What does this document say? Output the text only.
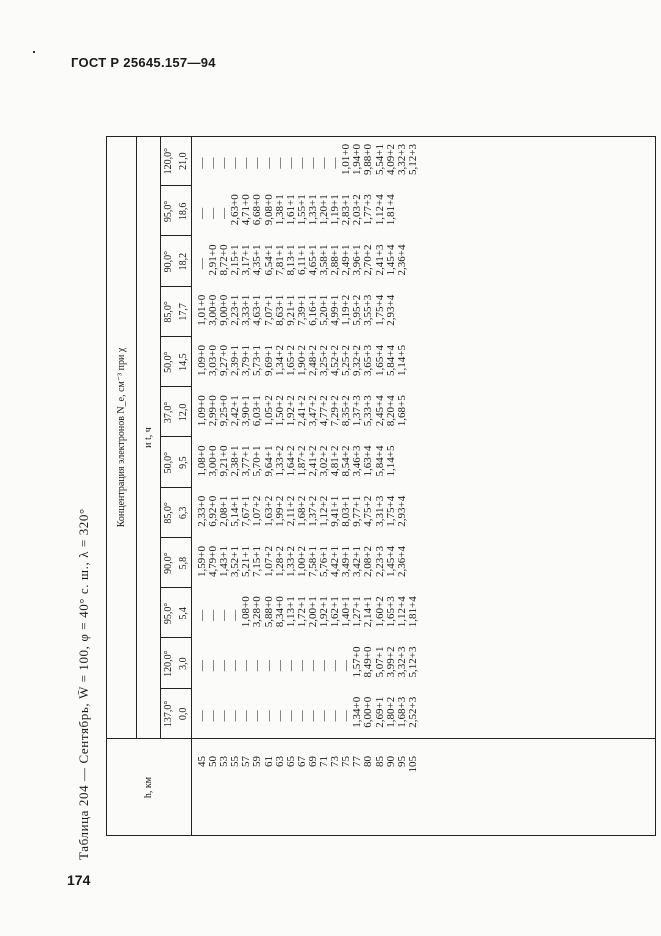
ГОСТ Р 25645.157—94
174
Таблица 204 — Сентябрь, W̄ = 100, φ = 40° с. ш., λ = 320°	h, км
Концентрация электронов N_e, см⁻³ при χ	и t, ч
137,0° 0,0
120,0° 3,0
95,0° 5,4
90,0° 5,8
85,0° 6,3
50,0° 9,5
37,0° 12,0
50,0° 14,5
85,0° 17,7
90,0° 18,2
95,0° 18,6
120,0° 21,0
45 50 53 55 57 59 61 63 65 67 69 71 73 75 77 80 85 90 95 105
— — — — — — — — — — — — — — 1,34+0 6,00+0 2,69+1 1,80+2 1,68+3 2,52+3
— — — — — — — — — — — — — — 1,57+0 8,49+0 5,07+1 3,99+2 3,32+3 5,12+3
— — — — 1,08+0 3,28+0 5,88+0 8,34+0 1,13+1 1,72+1 2,00+1 1,92+1 1,62+1 1,40+1 1,27+1 2,14+1 1,60+2 1,65+3 1,12+4 1,81+4
1,59+0 4,79+0 1,43+1 3,52+1 5,21+1 7,15+1 1,07+2 1,28+2 1,33+2 1,00+2 7,58+1 5,76+1 4,42+1 3,49+1 3,42+1 2,08+2 2,23+3 1,45+4 2,36+4
2,33+0 6,92+0 2,08+1 5,14+1 7,67+1 1,07+2 1,63+2 1,99+2 2,11+2 1,68+2 1,37+2 1,12+2 9,41+1 8,03+1 9,77+1 4,75+2 3,31+3 1,75+4 2,93+4
1,08+0 3,00+0 9,21+0 2,38+1 3,77+1 5,70+1 9,64+1 1,33+2 1,64+2 1,87+2 2,41+2 3,02+2 4,81+2 8,54+2 3,46+3 1,63+4 5,84+4 1,14+5
1,09+0 2,99+0 9,25+0 2,42+1 3,90+1 6,03+1 1,05+2 1,50+2 1,92+2 2,41+2 3,47+2 4,77+2 7,29+2 8,35+2 1,37+3 5,33+3 2,45+4 8,20+4 1,68+5
1,09+0 3,03+0 9,27+0 2,39+1 3,79+1 5,73+1 9,69+1 1,34+2 1,65+2 1,90+2 2,48+2 3,25+2 4,52+2 5,25+2 9,32+2 3,65+3 1,65+4 5,84+4 1,14+5
1,01+0 3,00+0 9,00+0 2,23+1 3,33+1 4,63+1 7,07+1 8,63+1 9,21+1 7,39+1 6,16+1 5,20+1 4,99+1 1,19+2 5,95+2 3,55+3 1,75+4 2,93+4
— 2,91+0 8,72+0 2,15+1 3,17+1 4,35+1 6,54+1 7,81+1 8,13+1 6,11+1 4,65+1 3,58+1 2,88+1 2,49+1 3,96+1 2,70+2 2,41+3 1,45+4 2,36+4
— — — 2,63+0 4,71+0 6,68+0 9,08+0 1,38+1 1,61+1 1,55+1 1,33+1 1,20+1 1,19+1 2,83+1 2,03+2 1,77+3 1,12+4 1,81+4
— — — — — — — — — — — — — 1,01+0 1,94+0 9,88+0 5,54+1 4,09+2 3,32+3 5,12+3
